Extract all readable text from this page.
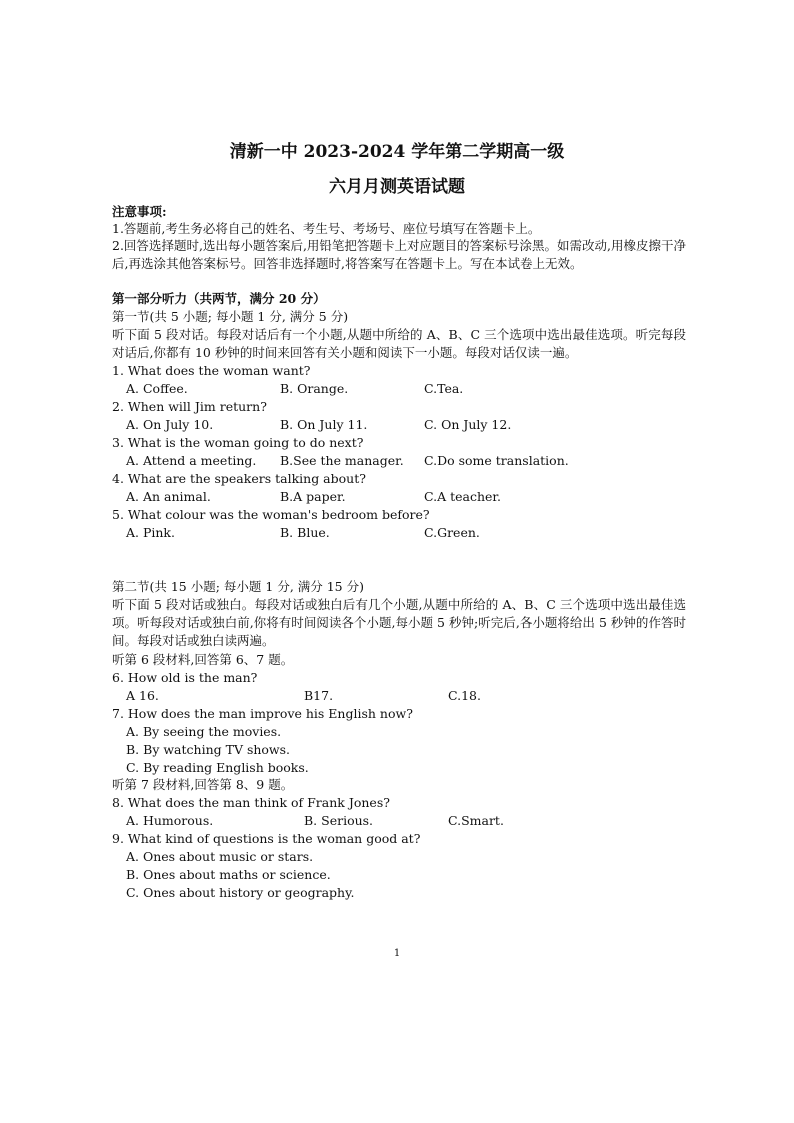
清新一中 2023-2024 学年第二学期高一级
六月月测英语试题
注意事项:
1.答题前,考生务必将自己的姓名、考生号、考场号、座位号填写在答题卡上。
2.回答选择题时,选出每小题答案后,用铅笔把答题卡上对应题目的答案标号涂黑。如需改动,用橡皮擦干净后,再选涂其他答案标号。回答非选择题时,将答案写在答题卡上。写在本试卷上无效。
第一部分听力（共两节，满分 20 分）
第一节(共 5 小题; 每小题 1 分, 满分 5 分)
听下面 5 段对话。每段对话后有一个小题,从题中所给的 A、B、C 三个选项中选出最佳选项。听完每段对话后,你都有 10 秒钟的时间来回答有关小题和阅读下一小题。每段对话仅读一遍。
1. What does the woman want?
A. Coffee.	B. Orange.	C.Tea.
2. When will Jim return?
A. On July 10.	B. On July 11.	C. On July 12.
3. What is the woman going to do next?
A. Attend a meeting. B.See the manager. C.Do some translation.
4. What are the speakers talking about?
A. An animal.	B.A paper.	C.A teacher.
5. What colour was the woman's bedroom before?
A. Pink.	B. Blue.	C.Green.
第二节(共 15 小题; 每小题 1 分, 满分 15 分)
听下面 5 段对话或独白。每段对话或独白后有几个小题,从题中所给的 A、B、C 三个选项中选出最佳选项。听每段对话或独白前,你将有时间阅读各个小题,每小题 5 秒钟;听完后,各小题将给出 5 秒钟的作答时间。每段对话或独白读两遍。
听第 6 段材料,回答第 6、7 题。
6. How old is the man?
A 16.	B17.	C.18.
7. How does the man improve his English now?
A. By seeing the movies.
B. By watching TV shows.
C. By reading English books.
听第 7 段材料,回答第 8、9 题。
8. What does the man think of Frank Jones?
A. Humorous.	B. Serious.	C.Smart.
9. What kind of questions is the woman good at?
A. Ones about music or stars.
B. Ones about maths or science.
C. Ones about history or geography.
1
